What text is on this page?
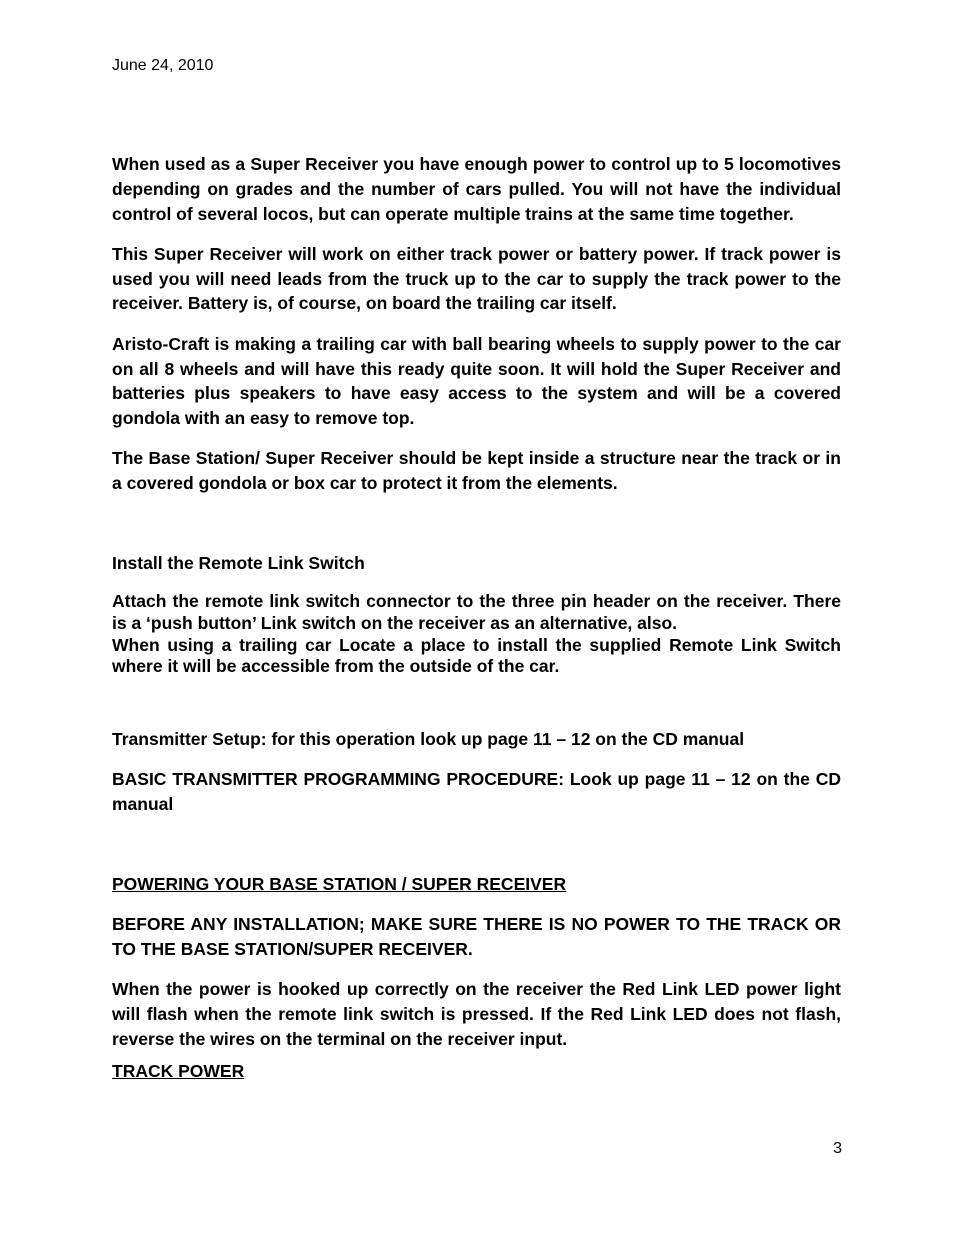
June 24, 2010

When used as a Super Receiver you have enough power to control up to 5 locomotives depending on grades and the number of cars pulled. You will not have the individual control of several locos, but can operate multiple trains at the same time together.

This Super Receiver will work on either track power or battery power. If track power is used you will need leads from the truck up to the car to supply the track power to the receiver. Battery is, of course, on board the trailing car itself.

Aristo-Craft is making a trailing car with ball bearing wheels to supply power to the car on all 8 wheels and will have this ready quite soon. It will hold the Super Receiver and batteries plus speakers to have easy access to the system and will be a covered gondola with an easy to remove top.

The Base Station/ Super Receiver should be kept inside a structure near the track or in a covered gondola or box car to protect it from the elements.

Install the Remote Link Switch

Attach the remote link switch connector to the three pin header on the receiver. There is a ‘push button’ Link switch on the receiver as an alternative, also.

When using a trailing car Locate a place to install the supplied Remote Link Switch where it will be accessible from the outside of the car.

Transmitter Setup: for this operation look up page 11 – 12 on the CD manual

BASIC TRANSMITTER PROGRAMMING PROCEDURE: Look up page 11 – 12 on the CD manual

POWERING YOUR BASE STATION / SUPER RECEIVER

BEFORE ANY INSTALLATION; MAKE SURE THERE IS NO POWER TO THE TRACK OR TO THE BASE STATION/SUPER RECEIVER.

When the power is hooked up correctly on the receiver the Red Link LED power light will flash when the remote link switch is pressed. If the Red Link LED does not flash, reverse the wires on the terminal on the receiver input.

TRACK POWER

3
